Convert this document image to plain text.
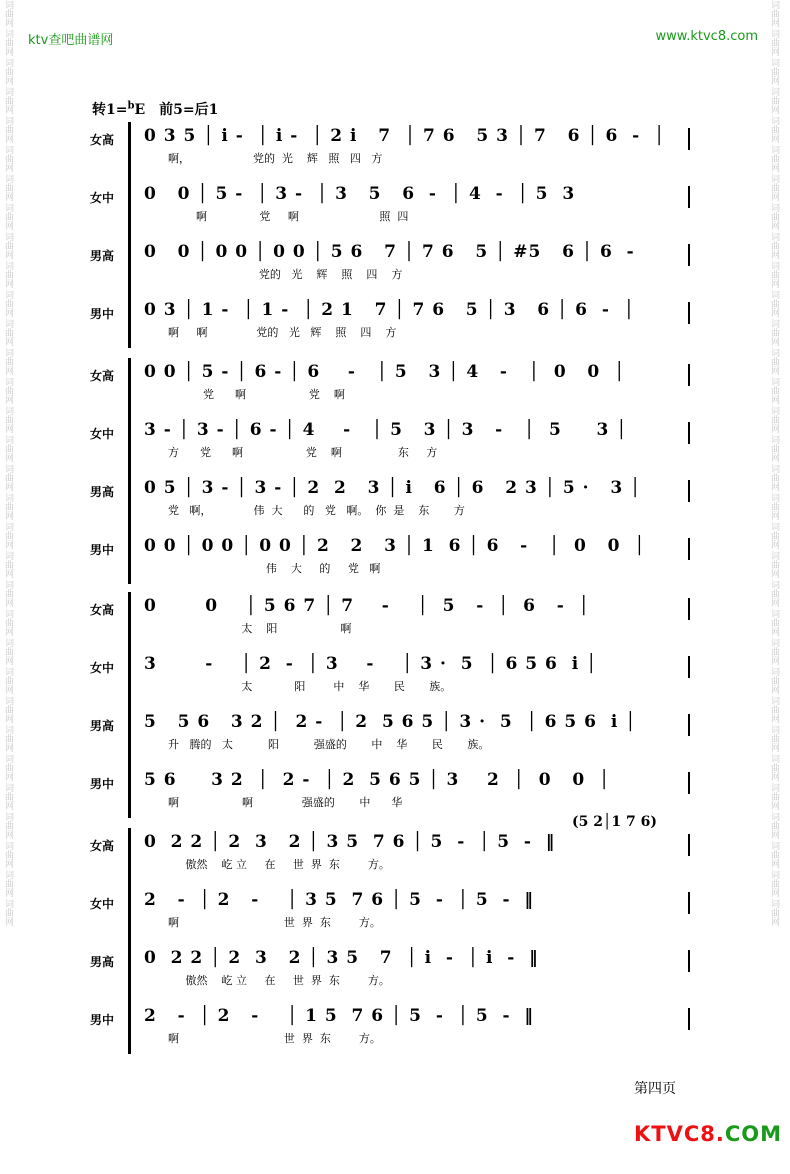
ktv查吧曲谱网	www.ktvc8.com
词曲网
词曲网
词曲网
词曲网
词曲网
词曲网
词曲网
词曲网
词曲网
词曲网
词曲网
词曲网
词曲网
词曲网
词曲网
词曲网
词曲网
词曲网
词曲网
词曲网
词曲网
词曲网
词曲网
词曲网
词曲网
词曲网
词曲网
词曲网
词曲网
词曲网
词曲网
词曲网
词曲网
词曲网
词曲网
词曲网
词曲网
词曲网
词曲网
词曲网
词曲网
词曲网
词曲网
词曲网
词曲网
词曲网
词曲网
词曲网
词曲网
词曲网
词曲网
词曲网
词曲网
词曲网
词曲网
词曲网
词曲网
词曲网
词曲网
词曲网
词曲网
词曲网
词曲网
词曲网
转1=$^b$E　前5=后1
女高 0 3 5 │ i -  │ i -  │ 2 i   7  │ 7 6   5 3 │ 7   6 │ 6  -  │
啊，                  党的  光    辉   照   四   方
女中 0   0 │ 5 -  │ 3 -  │ 3   5   6  -  │ 4  -  │ 5  3
啊               党     啊                       照  四
男高 0   0 │ 0 0 │ 0 0 │ 5 6   7 │ 7 6   5 │ #5   6 │ 6  -
党的   光    辉    照    四    方
男中 0 3 │ 1 -  │ 1 -  │ 2 1   7 │ 7 6   5 │ 3   6 │ 6  -  │
啊     啊              党的   光   辉    照    四    方
女高 0 0 │ 5 - │ 6 - │ 6    -   │ 5   3 │ 4   -   │  0   0  │
党      啊                  党    啊
女中 3 - │ 3 - │ 6 - │ 4    -   │ 5   3 │ 3   -   │  5     3 │
方      党      啊                  党    啊                东     方
男高 0 5 │ 3 - │ 3 - │ 2  2   3 │ i   6 │ 6   2 3 │ 5 ·   3 │
党   啊，            伟  大      的   党   啊。  你  是    东       方
男中 0 0 │ 0 0 │ 0 0 │ 2   2   3 │ 1  6 │ 6   -   │  0   0  │
伟    大     的     党   啊
女高 0       0    │ 5 6 7 │ 7    -    │  5   -  │  6   -  │
太    阳                  啊
女中 3       -    │ 2  -  │ 3    -    │ 3 ·  5  │ 6 5 6  i │
太            阳        中    华       民       族。
男高 5   5 6   3 2 │  2 -  │ 2  5 6 5 │ 3 ·  5  │ 6 5 6  i │
升   腾的   太          阳          强盛的       中    华       民       族。
男中 5 6     3 2  │  2 -  │ 2  5 6 5 │ 3    2  │  0   0  │
啊                  啊              强盛的       中      华
女高 0  2 2 │ 2  3   2 │ 3 5  7 6 │ 5  -  │ 5  -  ‖
傲然    屹 立     在     世  界  东        方。
女中 2   -  │ 2   -    │ 3 5  7 6 │ 5  -  │ 5  -  ‖
啊                              世  界  东        方。
男高 0  2 2 │ 2  3   2 │ 3 5   7  │ i  -  │ i  -  ‖
傲然    屹 立     在     世  界  东        方。
男中 2   -  │ 2   -    │ 1 5  7 6 │ 5  -  │ 5  -  ‖
啊                              世  界  东        方。
(5 2│1 7 6)
第四页
KTVC8.COM
